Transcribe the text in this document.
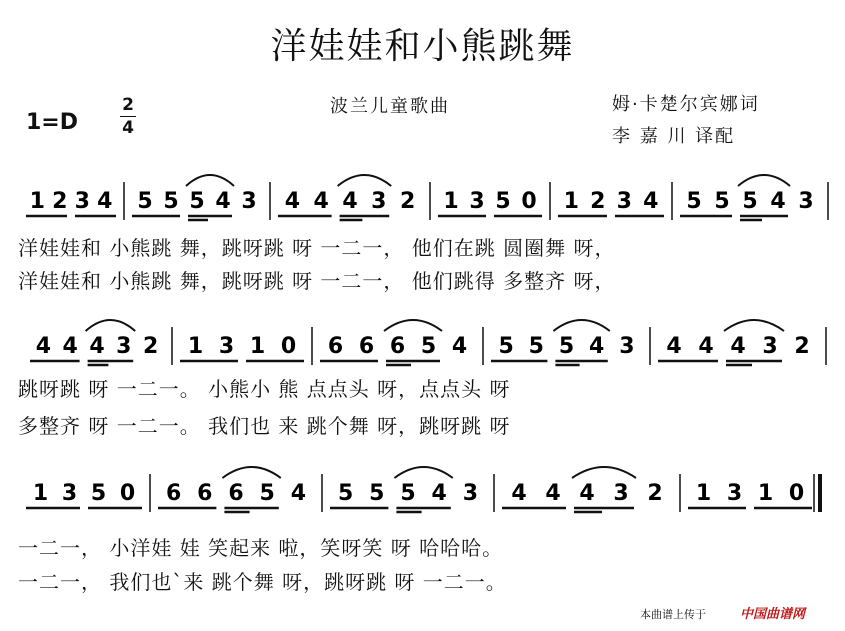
洋娃娃和小熊跳舞
1=D
2
4
波兰儿童歌曲	姆·卡楚尔宾娜词
李 嘉 川 译配
1 2 3 4 5 5 5 4 3 4 4 4 3 2 1 3 5 0 1 2 3 4 5 5 5 4 3
4 4 4 3 2 1 3 1 0 6 6 6 5 4 5 5 5 4 3 4 4 4 3 2
1 3 5 0 6 6 6 5 4 5 5 5 4 3 4 4 4 3 2 1 3 1 0
洋娃娃和 小熊跳 舞，跳呀跳 呀 一二一， 他们在跳 圆圈舞 呀，
洋娃娃和 小熊跳 舞，跳呀跳 呀 一二一， 他们跳得 多整齐 呀，
跳呀跳 呀 一二一。 小熊小 熊 点点头 呀，点点头 呀
多整齐 呀 一二一。 我们也 来 跳个舞 呀，跳呀跳 呀
一二一， 小洋娃 娃 笑起来 啦，笑呀笑 呀 哈哈哈。
一二一， 我们也`来 跳个舞 呀，跳呀跳 呀 一二一。
本曲谱上传于	中国曲谱网
